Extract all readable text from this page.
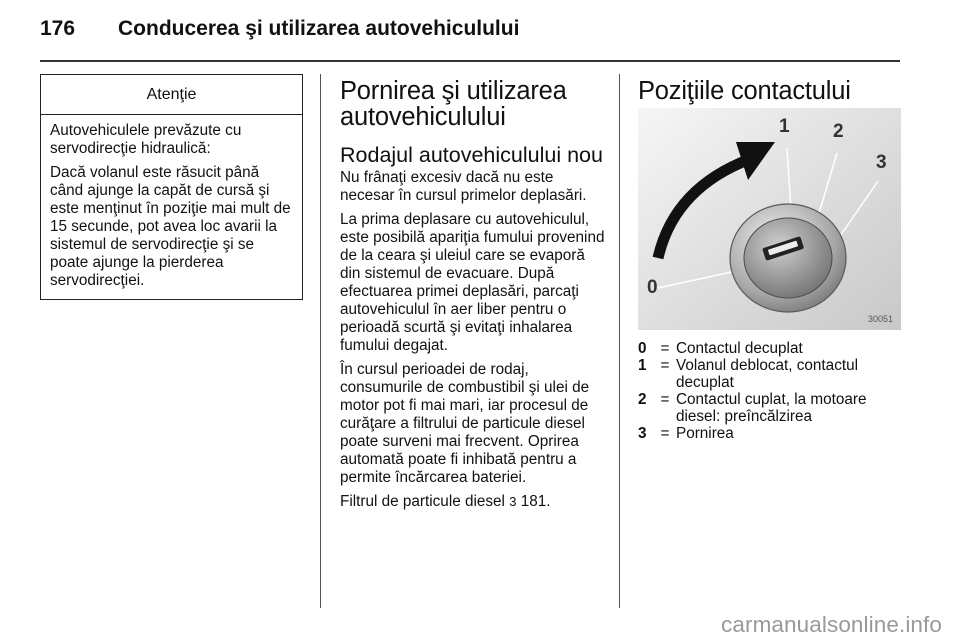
176 Conducerea şi utilizarea autovehiculului
Atenţie

Autovehiculele prevăzute cu servodirecţie hidraulică:

Dacă volanul este răsucit până când ajunge la capăt de cursă şi este menţinut în poziţie mai mult de 15 secunde, pot avea loc avarii la sistemul de servodirecţie şi se poate ajunge la pierderea servodirecţiei.

Pornirea şi utilizarea autovehiculului
Rodajul autovehiculului nou

Nu frânaţi excesiv dacă nu este necesar în cursul primelor deplasări.

La prima deplasare cu autovehiculul, este posibilă apariţia fumului provenind de la ceara şi uleiul care se evaporă din sistemul de evacuare. După efectuarea primei deplasări, parcaţi autovehiculul în aer liber pentru o perioadă scurtă şi evitaţi inhalarea fumului degajat.

În cursul perioadei de rodaj, consumurile de combustibil şi ulei de motor pot fi mai mari, iar procesul de curăţare a filtrului de particule diesel poate surveni mai frecvent. Oprirea automată poate fi inhibată pentru a permite încărcarea bateriei.

Filtrul de particule diesel 3 181.

Poziţiile contactului
0
1 2
3
30051
0 = Contactul decuplat
1 = Volanul deblocat, contactul decuplat
2 = Contactul cuplat, la motoare diesel: preîncălzirea
3 = Pornirea
carmanualsonline.info
